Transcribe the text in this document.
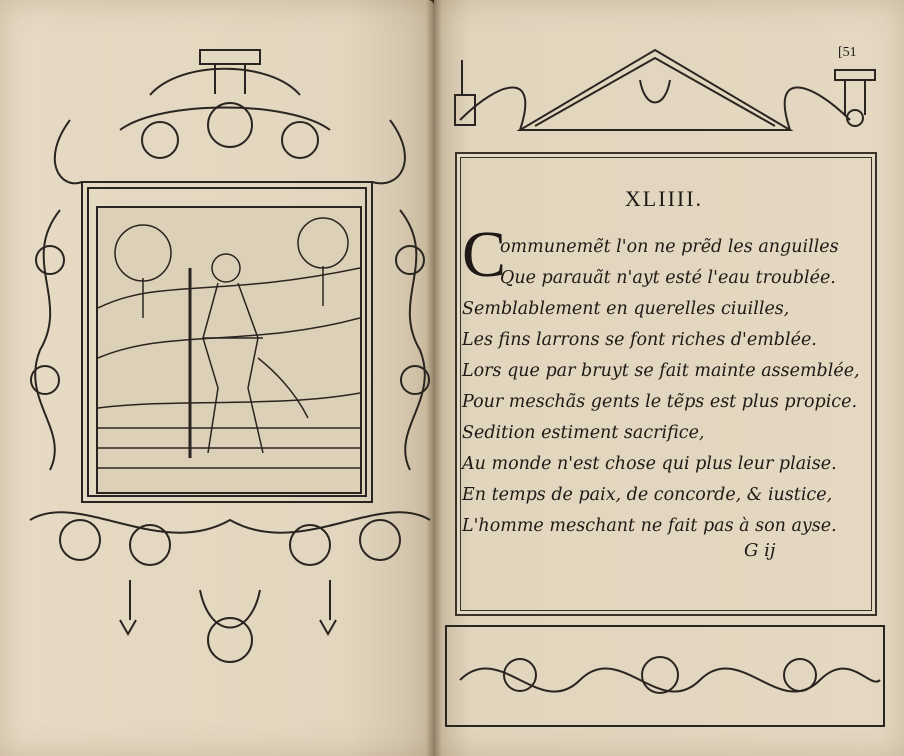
[51
XLIIII.
C
ommunemẽt l'on ne prẽd les anguilles
Que parauãt n'ayt esté l'eau troublée.
Semblablement en querelles ciuilles,
Les fins larrons se font riches d'emblée.
Lors que par bruyt se fait mainte assemblée,
Pour meschãs gents le tẽps est plus propice.
Sedition estiment sacrifice,
Au monde n'est chose qui plus leur plaise.
En temps de paix, de concorde, & iustice,
L'homme meschant ne fait pas à son ayse.
G ij
